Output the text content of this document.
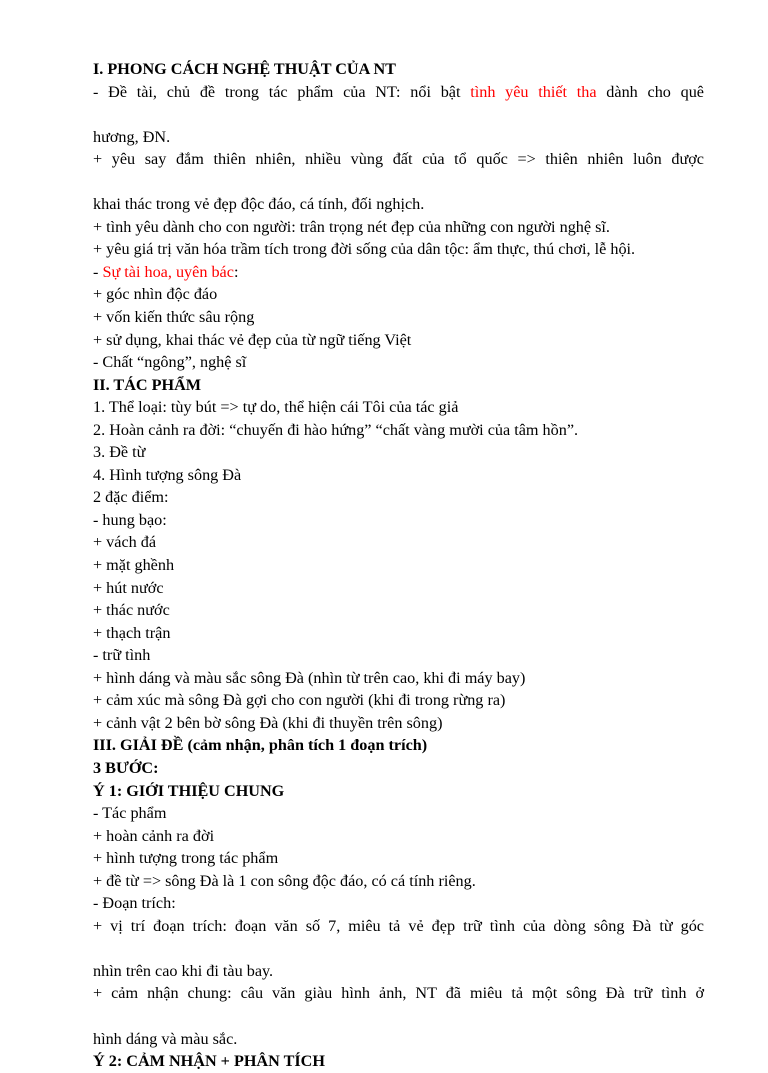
I. PHONG CÁCH NGHỆ THUẬT CỦA NT
- Đề tài, chủ đề trong tác phẩm của NT: nổi bật tình yêu thiết tha dành cho quê
hương, ĐN.
+ yêu say đắm thiên nhiên, nhiều vùng đất của tổ quốc => thiên nhiên luôn được
khai thác trong vẻ đẹp độc đáo, cá tính, đối nghịch.
+ tình yêu dành cho con người: trân trọng nét đẹp của những con người nghệ sĩ.
+ yêu giá trị văn hóa trầm tích trong đời sống của dân tộc: ẩm thực, thú chơi, lễ hội.
- Sự tài hoa, uyên bác:
+ góc nhìn độc đáo
+ vốn kiến thức sâu rộng
+ sử dụng, khai thác vẻ đẹp của từ ngữ tiếng Việt
- Chất “ngông”, nghệ sĩ
II. TÁC PHẨM
1. Thể loại: tùy bút => tự do, thể hiện cái Tôi của tác giả
2. Hoàn cảnh ra đời: “chuyến đi hào hứng” “chất vàng mười của tâm hồn”.
3. Đề từ
4. Hình tượng sông Đà
2 đặc điểm:
- hung bạo:
+ vách đá
+ mặt ghềnh
+ hút nước
+ thác nước
+ thạch trận
- trữ tình
+ hình dáng và màu sắc sông Đà (nhìn từ trên cao, khi đi máy bay)
+ cảm xúc mà sông Đà gợi cho con người (khi đi trong rừng ra)
+ cảnh vật 2 bên bờ sông Đà (khi đi thuyền trên sông)
III. GIẢI ĐỀ (cảm nhận, phân tích 1 đoạn trích)
3 BƯỚC:
Ý 1: GIỚI THIỆU CHUNG
- Tác phẩm
+ hoàn cảnh ra đời
+ hình tượng trong tác phẩm
+ đề từ => sông Đà là 1 con sông độc đáo, có cá tính riêng.
- Đoạn trích:
+ vị trí đoạn trích: đoạn văn số 7, miêu tả vẻ đẹp trữ tình của dòng sông Đà từ góc
nhìn trên cao khi đi tàu bay.
+ cảm nhận chung: câu văn giàu hình ảnh, NT đã miêu tả một sông Đà trữ tình ở
hình dáng và màu sắc.
Ý 2: CẢM NHẬN + PHÂN TÍCH
